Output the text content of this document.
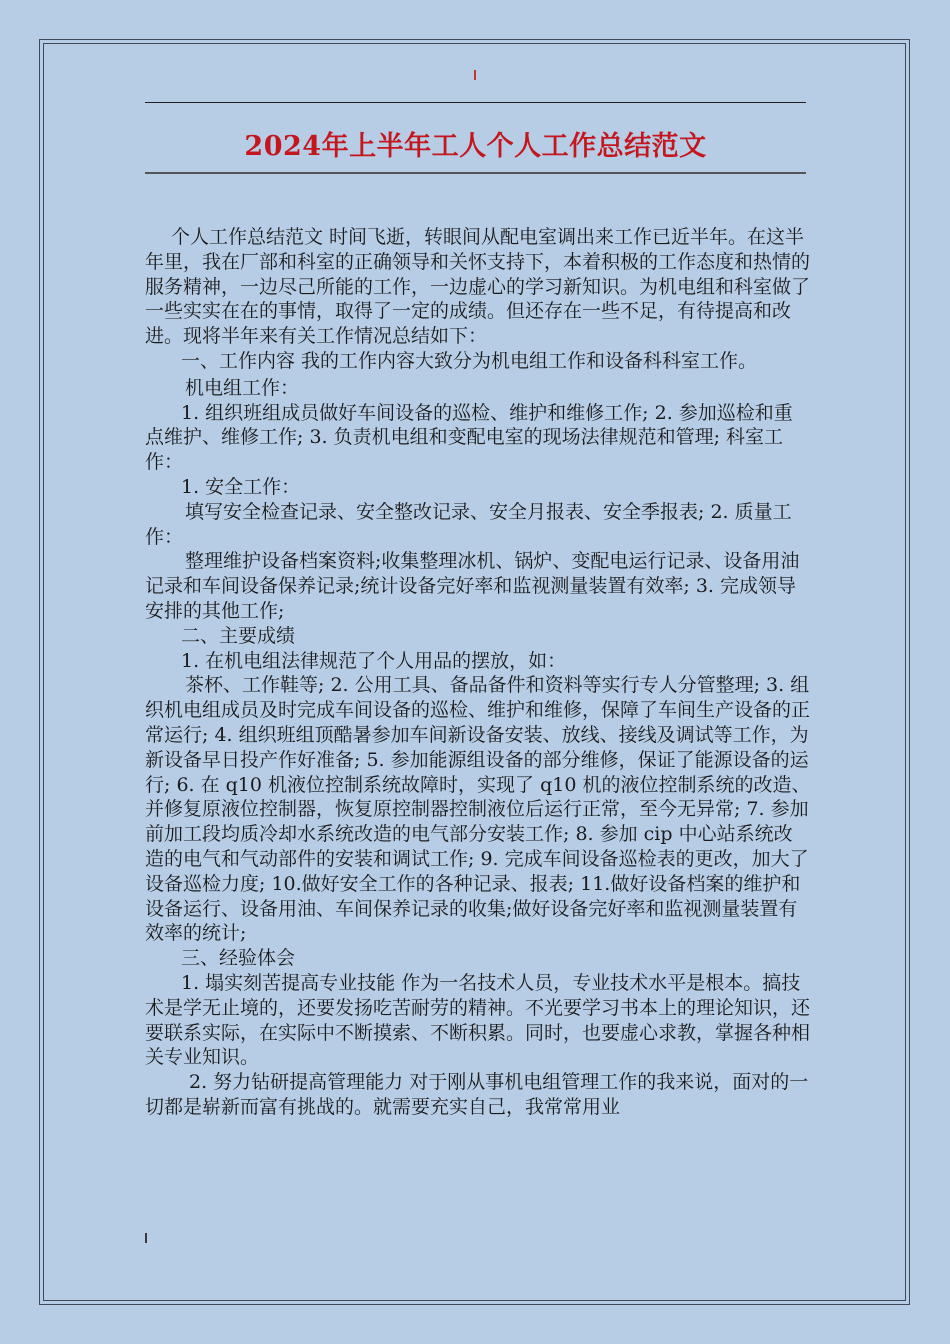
2024年上半年工人个人工作总结范文

个人工作总结范文 时间飞逝，转眼间从配电室调出来工作已近半年。在这半年里，我在厂部和科室的正确领导和关怀支持下，本着积极的工作态度和热情的服务精神，一边尽己所能的工作，一边虚心的学习新知识。为机电组和科室做了一些实实在在的事情，取得了一定的成绩。但还存在一些不足，有待提高和改进。现将半年来有关工作情况总结如下：

一、工作内容 我的工作内容大致分为机电组工作和设备科科室工作。

机电组工作：

1. 组织班组成员做好车间设备的巡检、维护和维修工作; 2. 参加巡检和重点维护、维修工作; 3. 负责机电组和变配电室的现场法律规范和管理; 科室工作：

1. 安全工作：

填写安全检查记录、安全整改记录、安全月报表、安全季报表; 2. 质量工作：

整理维护设备档案资料;收集整理冰机、锅炉、变配电运行记录、设备用油记录和车间设备保养记录;统计设备完好率和监视测量装置有效率; 3. 完成领导安排的其他工作;

二、主要成绩

1. 在机电组法律规范了个人用品的摆放，如：

茶杯、工作鞋等; 2. 公用工具、备品备件和资料等实行专人分管整理; 3. 组织机电组成员及时完成车间设备的巡检、维护和维修，保障了车间生产设备的正常运行; 4. 组织班组顶酷暑参加车间新设备安装、放线、接线及调试等工作，为新设备早日投产作好准备; 5. 参加能源组设备的部分维修，保证了能源设备的运行; 6. 在 q10 机液位控制系统故障时，实现了 q10 机的液位控制系统的改造、并修复原液位控制器，恢复原控制器控制液位后运行正常，至今无异常; 7. 参加前加工段均质冷却水系统改造的电气部分安装工作; 8. 参加 cip 中心站系统改造的电气和气动部件的安装和调试工作; 9. 完成车间设备巡检表的更改，加大了设备巡检力度; 10.做好安全工作的各种记录、报表; 11.做好设备档案的维护和设备运行、设备用油、车间保养记录的收集;做好设备完好率和监视测量装置有效率的统计;

三、经验体会

1. 塌实刻苦提高专业技能 作为一名技术人员，专业技术水平是根本。搞技术是学无止境的，还要发扬吃苦耐劳的精神。不光要学习书本上的理论知识，还要联系实际，在实际中不断摸索、不断积累。同时，也要虚心求教，掌握各种相关专业知识。

2. 努力钻研提高管理能力 对于刚从事机电组管理工作的我来说，面对的一切都是崭新而富有挑战的。就需要充实自己，我常常用业
